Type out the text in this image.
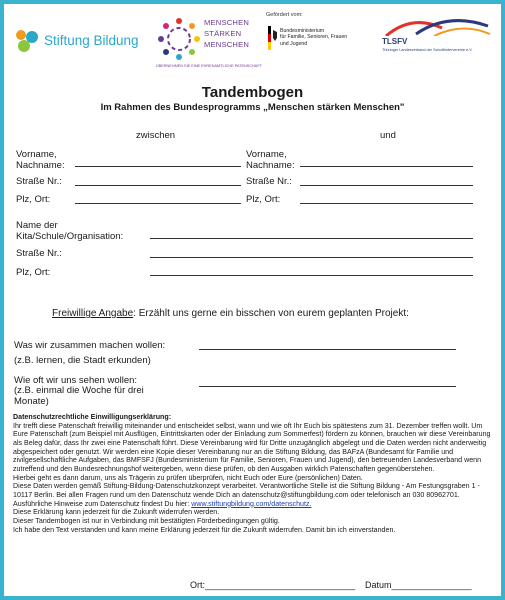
Stiftung Bildung
MENSCHEN
STÄRKEN
MENSCHEN
ÜBERNEHMEN SIE EINE EHRENAMTLICHE PATENSCHAFT
Gefördert vom:
Bundesministerium
für Familie, Senioren, Frauen
und Jugend	TLSFV
Thüringer Landesverband der Schulfördervereine e.V.
Tandembogen
Im Rahmen des Bundesprogramms „Menschen stärken Menschen"
zwischen	und
Vorname,
Nachname:
Straße Nr.:
Plz, Ort:
Vorname,
Nachname:
Straße Nr.:
Plz, Ort:
Name der
Kita/Schule/Organisation:
Straße Nr.:
Plz, Ort:
Freiwillige Angabe: Erzählt uns gerne ein bisschen von eurem geplanten Projekt:
Was wir zusammen machen wollen:
(z.B. lernen, die Stadt erkunden)
Wie oft wir uns sehen wollen:
(z.B. einmal die Woche für drei
Monate)

Datenschutzrechtliche Einwilligungserklärung:

Ihr trefft diese Patenschaft freiwillig miteinander und entscheidet selbst, wann und wie oft Ihr Euch bis spätestens zum 31. Dezember treffen wollt. Um Eure Patenschaft (zum Beispiel mit Ausflügen, Eintrittskarten oder der Einladung zum Sommerfest) fördern zu können, brauchen wir diese Vereinbarung als Beleg dafür, dass Ihr zwei eine Patenschaft führt. Diese Vereinbarung wird für Dritte unzugänglich abgelegt und die Daten werden nicht anderweitig abgespeichert oder genutzt. Wir werden eine Kopie dieser Vereinbarung nur an die Stiftung Bildung, das BAFzA (Bundesamt für Familie und zivilgesellschaftliche Aufgaben, das BMFSFJ (Bundesministerium für Familie, Senioren, Frauen und Jugend), den betreuenden Landesverband wenn zutreffend und den Bundesrechnungshof weitergeben, wenn diese prüfen, ob den Ausgaben wirklich Patenschaften gegenüberstehen.

Hierbei geht es dann darum, uns als Trägerin zu prüfen überprüfen, nicht Euch oder Eure (persönlichen) Daten.

Diese Daten werden gemäß Stiftung-Bildung-Datenschutzkonzept verarbeitet. Verantwortliche Stelle ist die Stiftung Bildung - Am Festungsgraben 1 - 10117 Berlin. Bei allen Fragen rund um den Datenschutz wende Dich an datenschutz@stiftungbildung.com oder telefonisch an 030 80962701.

Ausführliche Hinweise zum Datenschutz findest Du hier: www.stiftungbildung.com/datenschutz.

Diese Erklärung kann jederzeit für die Zukunft widerrufen werden.

Dieser Tandembogen ist nur in Verbindung mit bestätigten Förderbedingungen gültig.

Ich habe den Text verstanden und kann meine Erklärung jederzeit für die Zukunft widerrufen. Damit bin ich einverstanden.

Ort:______________________________ Datum________________
